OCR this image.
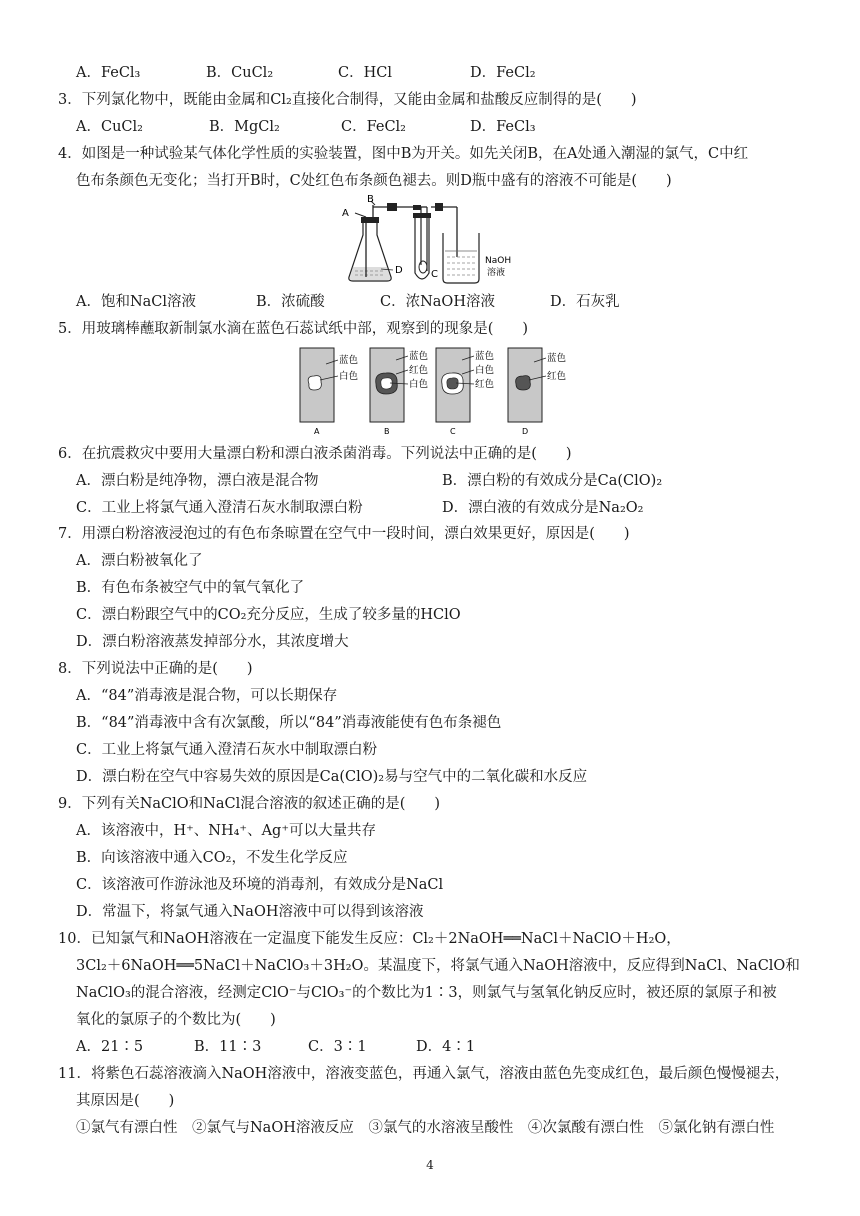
A．FeCl₃	B．CuCl₂	C．HCl	D．FeCl₂
3．下列氯化物中，既能由金属和Cl₂直接化合制得，又能由金属和盐酸反应制得的是(　　)
A．CuCl₂	B．MgCl₂	C．FeCl₂	D．FeCl₃
4．如图是一种试验某气体化学性质的实验装置，图中B为开关。如先关闭B，在A处通入潮湿的氯气，C中红
色布条颜色无变化；当打开B时，C处红色布条颜色褪去。则D瓶中盛有的溶液不可能是(　　)
A
B
D	C
NaOH
溶液
A．饱和NaCl溶液	B．浓硫酸	C．浓NaOH溶液	D．石灰乳
5．用玻璃棒蘸取新制氯水滴在蓝色石蕊试纸中部，观察到的现象是(　　)
蓝色
白色
A
蓝色
红色
白色
B
蓝色
白色
红色
C
蓝色
红色
D
6．在抗震救灾中要用大量漂白粉和漂白液杀菌消毒。下列说法中正确的是(　　)
A．漂白粉是纯净物，漂白液是混合物	B．漂白粉的有效成分是Ca(ClO)₂
C．工业上将氯气通入澄清石灰水制取漂白粉	D．漂白液的有效成分是Na₂O₂
7．用漂白粉溶液浸泡过的有色布条晾置在空气中一段时间，漂白效果更好，原因是(　　)
A．漂白粉被氧化了
B．有色布条被空气中的氧气氧化了
C．漂白粉跟空气中的CO₂充分反应，生成了较多量的HClO
D．漂白粉溶液蒸发掉部分水，其浓度增大
8．下列说法中正确的是(　　)
A．“84”消毒液是混合物，可以长期保存
B．“84”消毒液中含有次氯酸，所以“84”消毒液能使有色布条褪色
C．工业上将氯气通入澄清石灰水中制取漂白粉
D．漂白粉在空气中容易失效的原因是Ca(ClO)₂易与空气中的二氧化碳和水反应
9．下列有关NaClO和NaCl混合溶液的叙述正确的是(　　)
A．该溶液中，H⁺、NH₄⁺、Ag⁺可以大量共存
B．向该溶液中通入CO₂，不发生化学反应
C．该溶液可作游泳池及环境的消毒剂，有效成分是NaCl
D．常温下，将氯气通入NaOH溶液中可以得到该溶液
10．已知氯气和NaOH溶液在一定温度下能发生反应：Cl₂＋2NaOH══NaCl＋NaClO＋H₂O，
3Cl₂＋6NaOH══5NaCl＋NaClO₃＋3H₂O。某温度下，将氯气通入NaOH溶液中，反应得到NaCl、NaClO和
NaClO₃的混合溶液，经测定ClO⁻与ClO₃⁻的个数比为1∶3，则氯气与氢氧化钠反应时，被还原的氯原子和被
氧化的氯原子的个数比为(　　)
A．21∶5	B．11∶3	C．3∶1	D．4∶1
11．将紫色石蕊溶液滴入NaOH溶液中，溶液变蓝色，再通入氯气，溶液由蓝色先变成红色，最后颜色慢慢褪去，
其原因是(　　)
①氯气有漂白性　②氯气与NaOH溶液反应　③氯气的水溶液呈酸性　④次氯酸有漂白性　⑤氯化钠有漂白性
4
